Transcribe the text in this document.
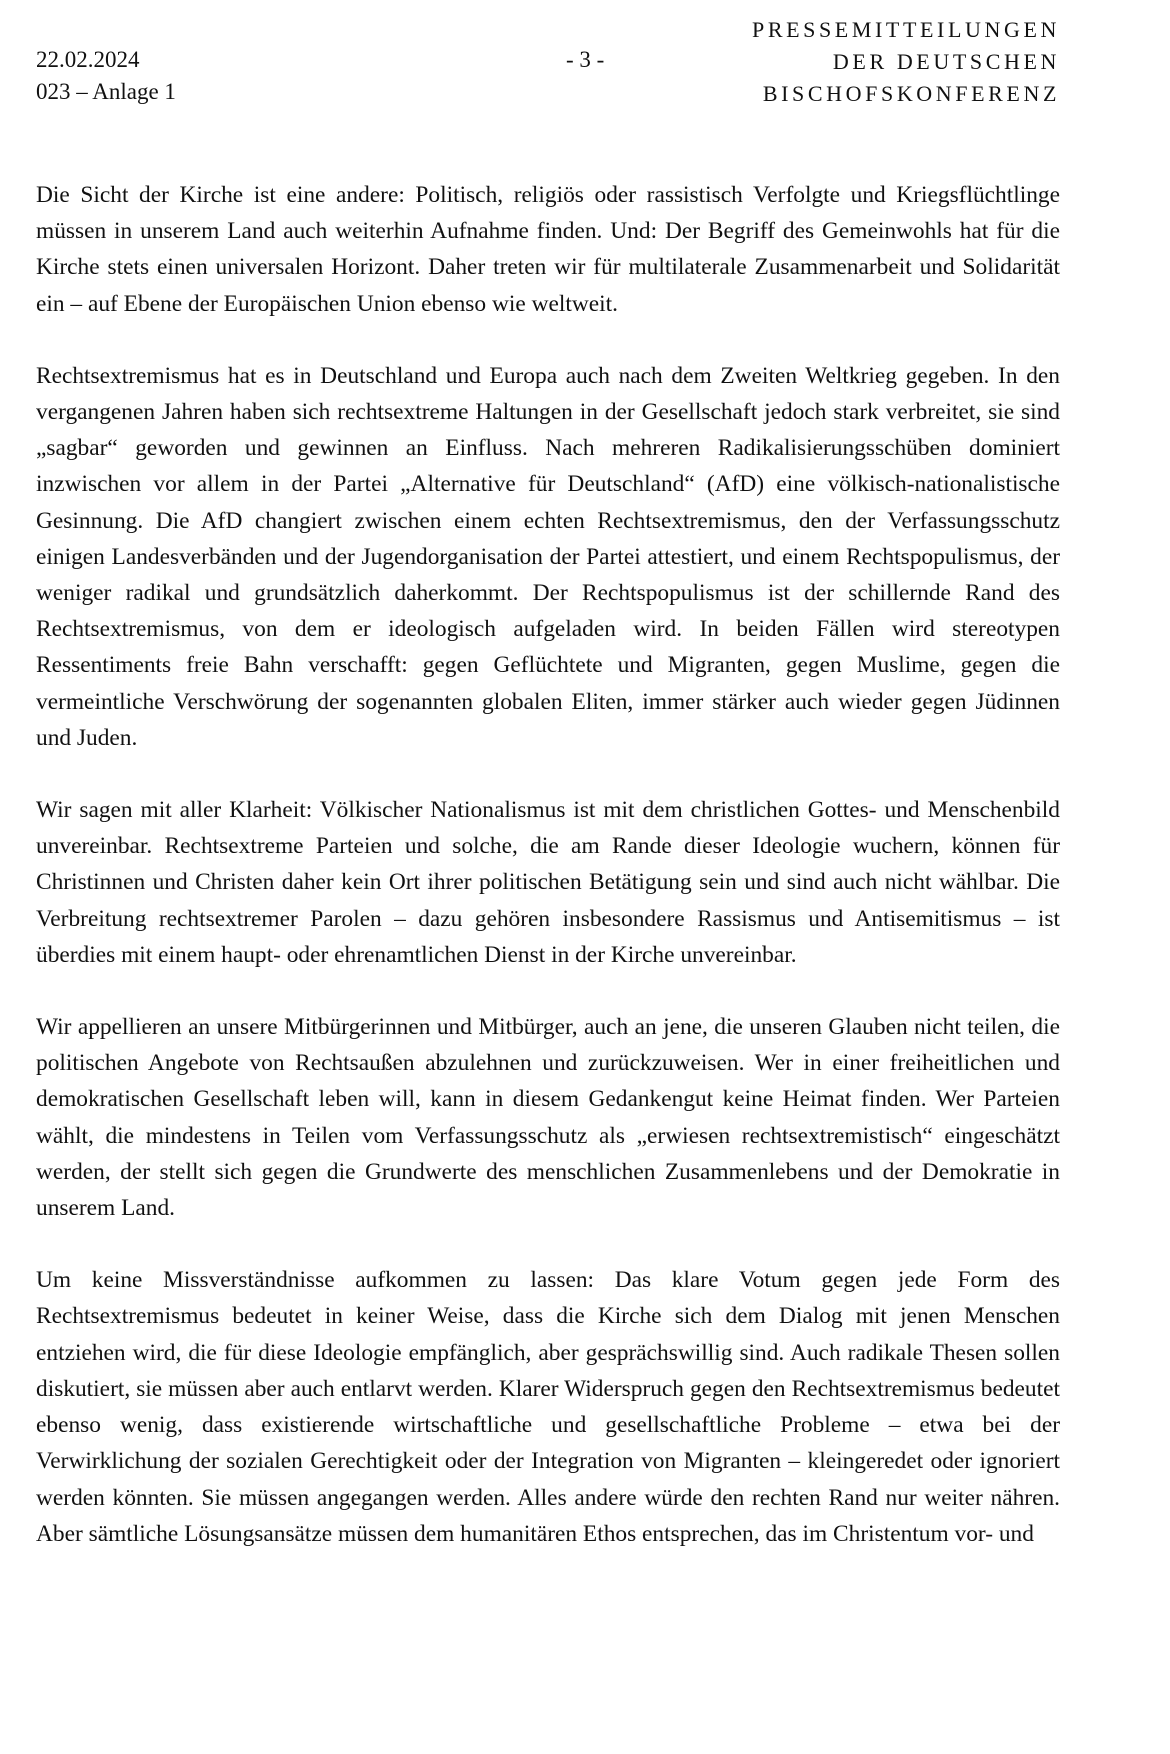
22.02.2024
023 – Anlage 1
- 3 -
PRESSEMITTEILUNGEN
DER DEUTSCHEN
BISCHOFSKONFERENZ

Die Sicht der Kirche ist eine andere: Politisch, religiös oder rassistisch Verfolgte und Kriegsflüchtlinge müssen in unserem Land auch weiterhin Aufnahme finden. Und: Der Begriff des Gemeinwohls hat für die Kirche stets einen universalen Horizont. Daher treten wir für multilaterale Zusammenarbeit und Solidarität ein – auf Ebene der Europäischen Union ebenso wie weltweit.

Rechtsextremismus hat es in Deutschland und Europa auch nach dem Zweiten Weltkrieg gegeben. In den vergangenen Jahren haben sich rechtsextreme Haltungen in der Gesellschaft jedoch stark verbreitet, sie sind „sagbar“ geworden und gewinnen an Einfluss. Nach mehreren Radikalisierungsschüben dominiert inzwischen vor allem in der Partei „Alternative für Deutschland“ (AfD) eine völkisch-nationalistische Gesinnung. Die AfD changiert zwischen einem echten Rechtsextremismus, den der Verfassungsschutz einigen Landesverbänden und der Jugendorganisation der Partei attestiert, und einem Rechtspopulismus, der weniger radikal und grundsätzlich daherkommt. Der Rechtspopulismus ist der schillernde Rand des Rechtsextremismus, von dem er ideologisch aufgeladen wird. In beiden Fällen wird stereotypen Ressentiments freie Bahn verschafft: gegen Geflüchtete und Migranten, gegen Muslime, gegen die vermeintliche Verschwörung der sogenannten globalen Eliten, immer stärker auch wieder gegen Jüdinnen und Juden.

Wir sagen mit aller Klarheit: Völkischer Nationalismus ist mit dem christlichen Gottes- und Menschenbild unvereinbar. Rechtsextreme Parteien und solche, die am Rande dieser Ideologie wuchern, können für Christinnen und Christen daher kein Ort ihrer politischen Betätigung sein und sind auch nicht wählbar. Die Verbreitung rechtsextremer Parolen – dazu gehören insbesondere Rassismus und Antisemitismus – ist überdies mit einem haupt- oder ehrenamtlichen Dienst in der Kirche unvereinbar.

Wir appellieren an unsere Mitbürgerinnen und Mitbürger, auch an jene, die unseren Glauben nicht teilen, die politischen Angebote von Rechtsaußen abzulehnen und zurückzuweisen. Wer in einer freiheitlichen und demokratischen Gesellschaft leben will, kann in diesem Gedankengut keine Heimat finden. Wer Parteien wählt, die mindestens in Teilen vom Verfassungsschutz als „erwiesen rechtsextremistisch“ eingeschätzt werden, der stellt sich gegen die Grundwerte des menschlichen Zusammenlebens und der Demokratie in unserem Land.

Um keine Missverständnisse aufkommen zu lassen: Das klare Votum gegen jede Form des Rechtsextremismus bedeutet in keiner Weise, dass die Kirche sich dem Dialog mit jenen Menschen entziehen wird, die für diese Ideologie empfänglich, aber gesprächswillig sind. Auch radikale Thesen sollen diskutiert, sie müssen aber auch entlarvt werden. Klarer Widerspruch gegen den Rechtsextremismus bedeutet ebenso wenig, dass existierende wirtschaftliche und gesellschaftliche Probleme – etwa bei der Verwirklichung der sozialen Gerechtigkeit oder der Integration von Migranten – kleingeredet oder ignoriert werden könnten. Sie müssen angegangen werden. Alles andere würde den rechten Rand nur weiter nähren. Aber sämtliche Lösungsansätze müssen dem humanitären Ethos entsprechen, das im Christentum vor- und
